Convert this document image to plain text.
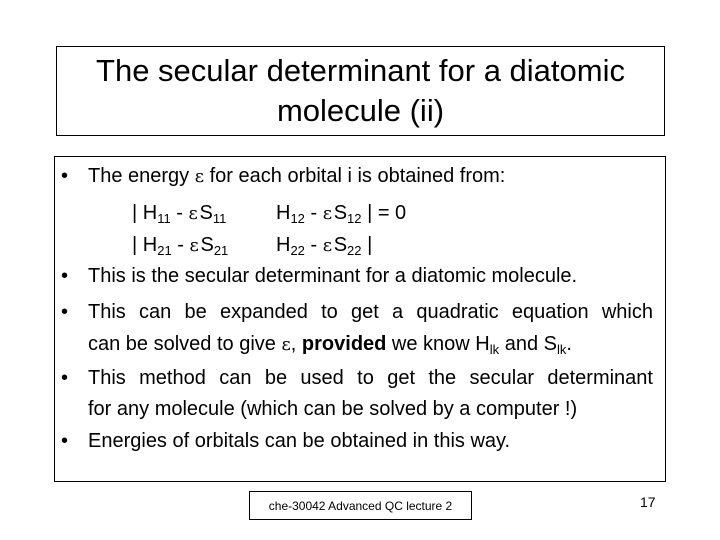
The secular determinant for a diatomic
molecule (ii)
• The energy ε for each orbital i is obtained from:
| $H_{11}$ - ε $S_{11}$ $H_{12}$ - ε $S_{12}$ | = 0
| $H_{21}$ - ε $S_{21}$ $H_{22}$ - ε $S_{22}$ |
• This is the secular determinant for a diatomic molecule.
• This can be expanded to get a quadratic equation which
can be solved to give ε, provided we know $H_{lk}$ and $S_{lk}$.
• This method can be used to get the secular determinant
for any molecule (which can be solved by a computer !)
• Energies of orbitals can be obtained in this way.
che-30042 Advanced QC lecture 2	17
